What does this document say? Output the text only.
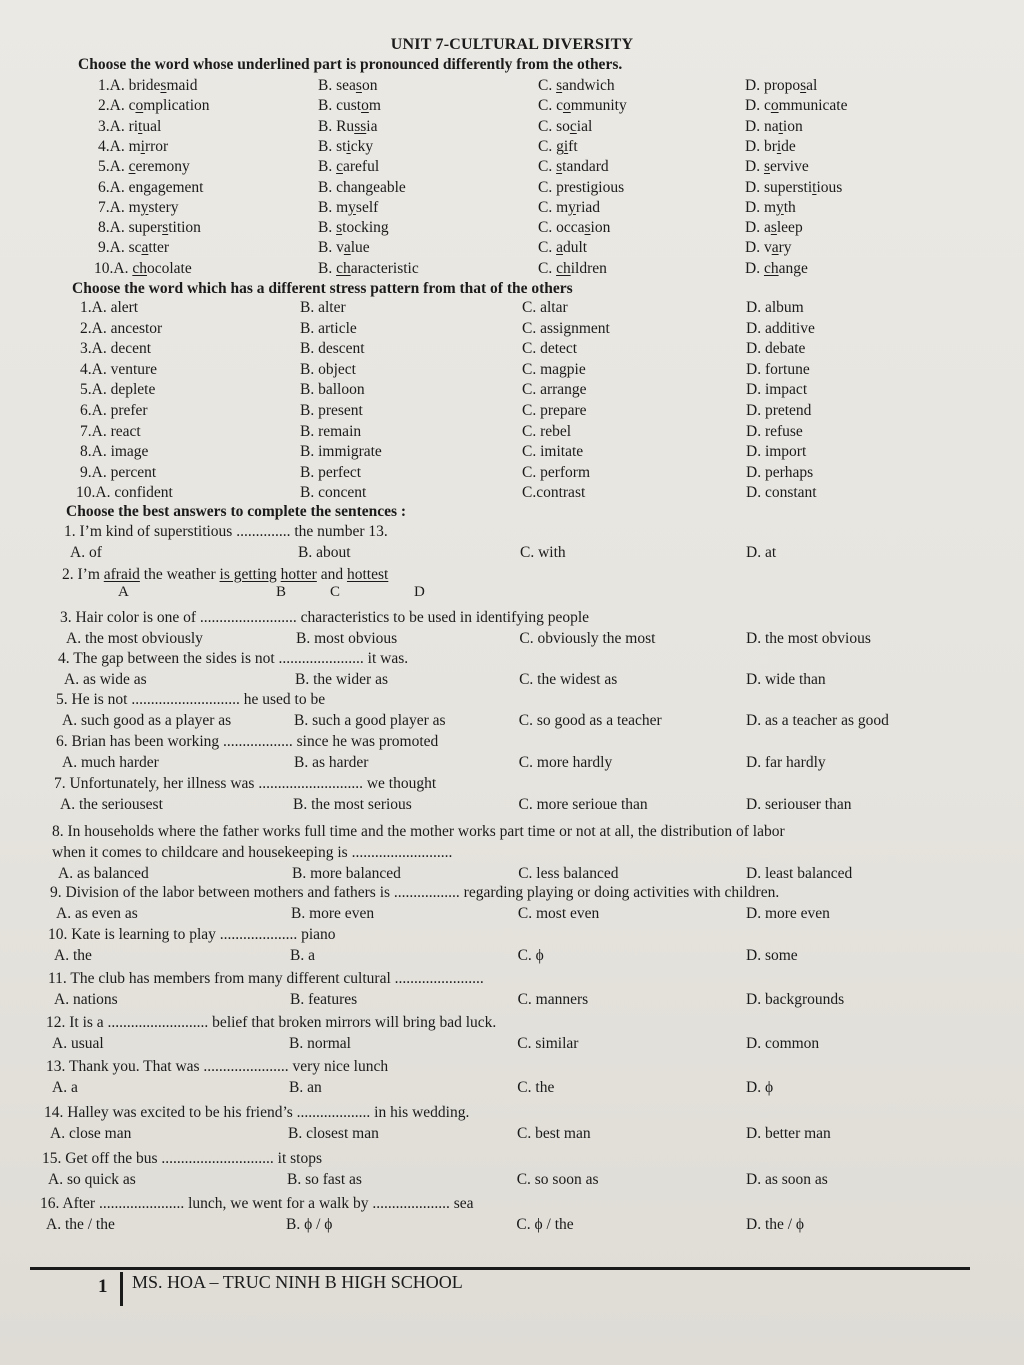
UNIT 7-CULTURAL DIVERSITY
Choose the word whose underlined part is pronounced differently from the others.
1.A. bridesmaid	B. season	C. sandwich	D. proposal
2.A. complication	B. custom	C. community	D. communicate
3.A. ritual	B. Russia	C. social	D. nation
4.A. mirror	B. sticky	C. gift	D. bride
5.A. ceremony	B. careful	C. standard	D. servive
6.A. engagement	B. changeable	C. prestigious	D. superstitious
7.A. mystery	B. myself	C. myriad	D. myth
8.A. superstition	B. stocking	C. occasion	D. asleep
9.A. scatter	B. value	C. adult	D. vary
10.A. chocolate	B. characteristic	C. children	D. change
Choose the word which has a different stress pattern from that of the others
1.A. alert	B. alter	C. altar	D. album
2.A. ancestor	B. article	C. assignment	D. additive
3.A. decent	B. descent	C. detect	D. debate
4.A. venture	B. object	C. magpie	D. fortune
5.A. deplete	B. balloon	C. arrange	D. impact
6.A. prefer	B. present	C. prepare	D. pretend
7.A. react	B. remain	C. rebel	D. refuse
8.A. image	B. immigrate	C. imitate	D. import
9.A. percent	B. perfect	C. perform	D. perhaps
10.A. confident	B. concent	C.contrast	D. constant
Choose the best answers to complete the sentences :
1. I’m kind of superstitious .............. the number 13.
A. of	B. about	C. with	D. at
2. I’m afraid the weather is getting hotter and hottest
A	B	C	D
3. Hair color is one of ......................... characteristics to be used in identifying people
A. the most obviously	B. most obvious	C. obviously the most	D. the most obvious
4. The gap between the sides is not ...................... it was.
A. as wide as	B. the wider as	C. the widest as	D. wide than
5. He is not ............................ he used to be
A. such good as a player as	B. such a good player as	C. so good as a teacher	D. as a teacher as good
6. Brian has been working .................. since he was promoted
A. much harder	B. as harder	C. more hardly	D. far hardly
7. Unfortunately, her illness was ........................... we thought
A. the seriousest	B. the most serious	C. more serioue than	D. seriouser than
8. In households where the father works full time and the mother works part time or not at all, the distribution of labor
when it comes to childcare and housekeeping is ..........................
A. as balanced	B. more balanced	C. less balanced	D. least balanced
9. Division of the labor between mothers and fathers is ................. regarding playing or doing activities with children.
A. as even as	B. more even	C. most even	D. more even
10. Kate is learning to play .................... piano
A. the	B. a	C. ϕ	D. some
11. The club has members from many different cultural .......................
A. nations	B. features	C. manners	D. backgrounds
12. It is a .......................... belief that broken mirrors will bring bad luck.
A. usual	B. normal	C. similar	D. common
13. Thank you. That was ...................... very nice lunch
A. a	B. an	C. the	D. ϕ
14. Halley was excited to be his friend’s ................... in his wedding.
A. close man	B. closest man	C. best man	D. better man
15. Get off the bus ............................. it stops
A. so quick as	B. so fast as	C. so soon as	D. as soon as
16. After ...................... lunch, we went for a walk by .................... sea
A. the / the	B. ϕ / ϕ	C. ϕ / the	D. the / ϕ
1 MS. HOA – TRUC NINH B HIGH SCHOOL
